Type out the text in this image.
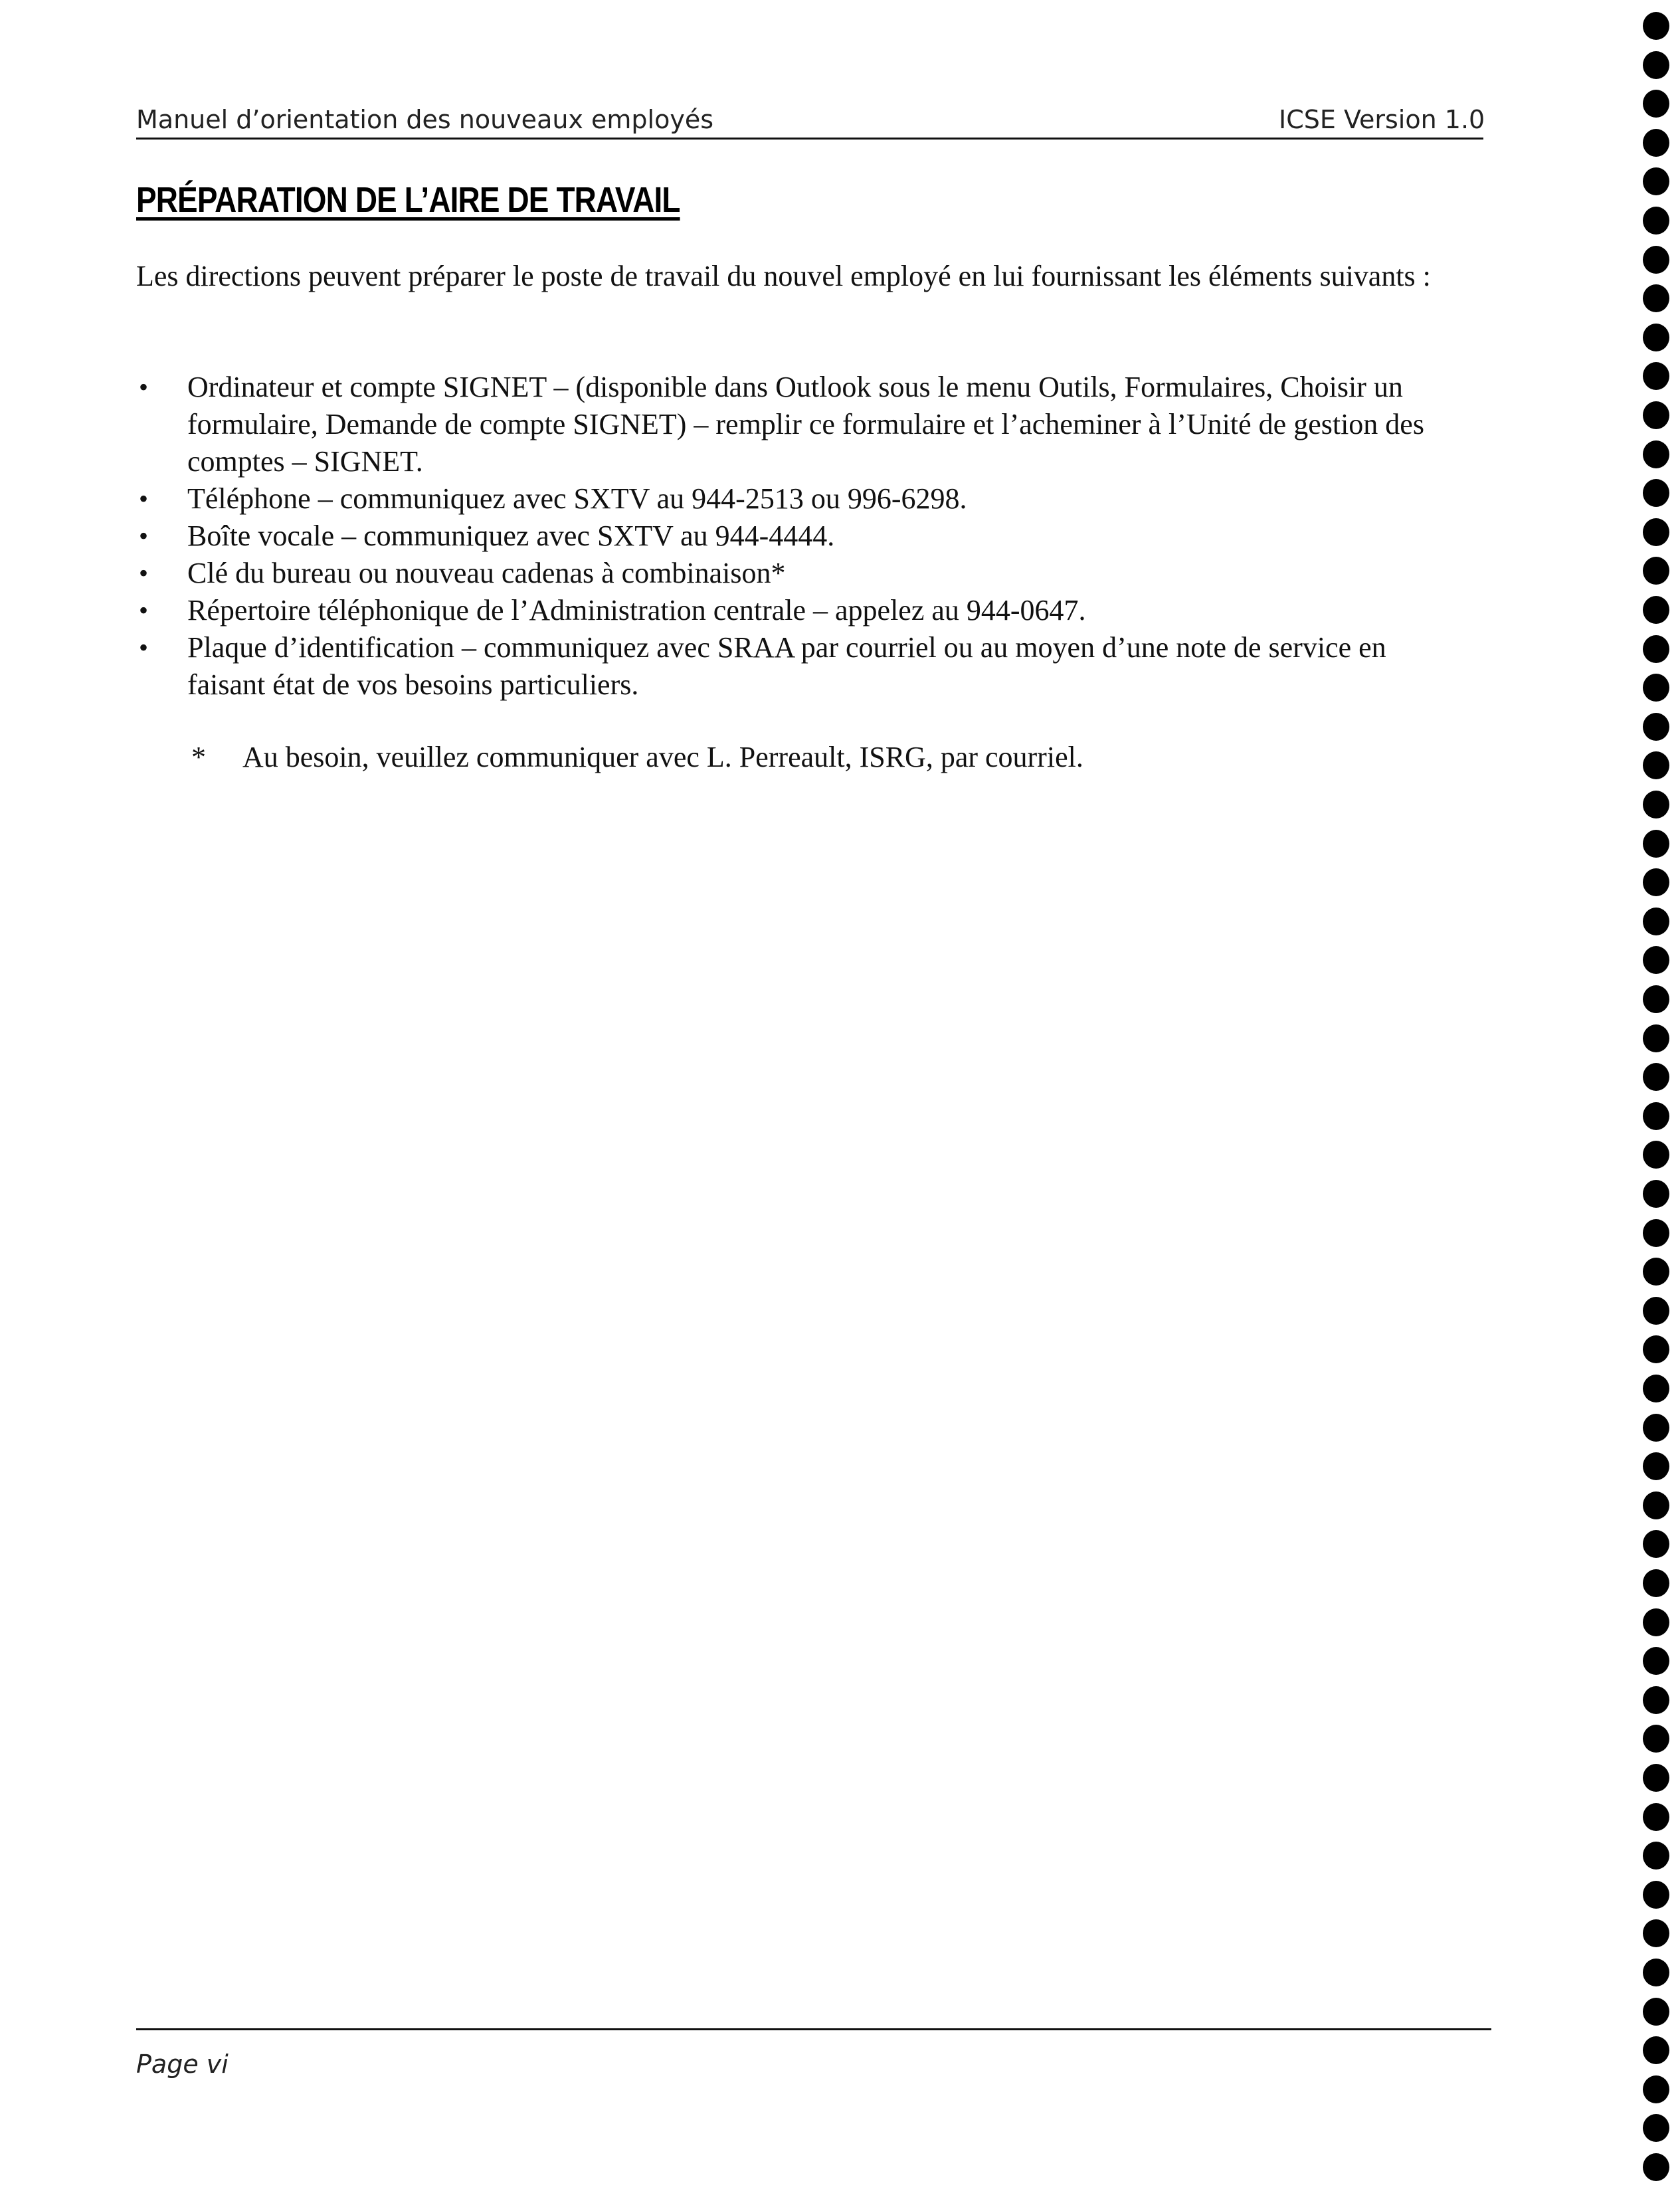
Manuel d’orientation des nouveaux employés	ICSE Version 1.0
PRÉPARATION DE L’AIRE DE TRAVAIL

Les directions peuvent préparer le poste de travail du nouvel employé en lui fournissant les éléments suivants :

• Ordinateur et compte SIGNET – (disponible dans Outlook sous le menu Outils, Formulaires, Choisir un formulaire, Demande de compte SIGNET) – remplir ce formulaire et l’acheminer à l’Unité de gestion des comptes – SIGNET.
• Téléphone – communiquez avec SXTV au 944-2513 ou 996-6298.
• Boîte vocale – communiquez avec SXTV au 944-4444.
• Clé du bureau ou nouveau cadenas à combinaison*
• Répertoire téléphonique de l’Administration centrale – appelez au 944-0647.
• Plaque d’identification – communiquez avec SRAA par courriel ou au moyen d’une note de service en faisant état de vos besoins particuliers.
* Au besoin, veuillez communiquer avec L. Perreault, ISRG, par courriel.
Page vi
